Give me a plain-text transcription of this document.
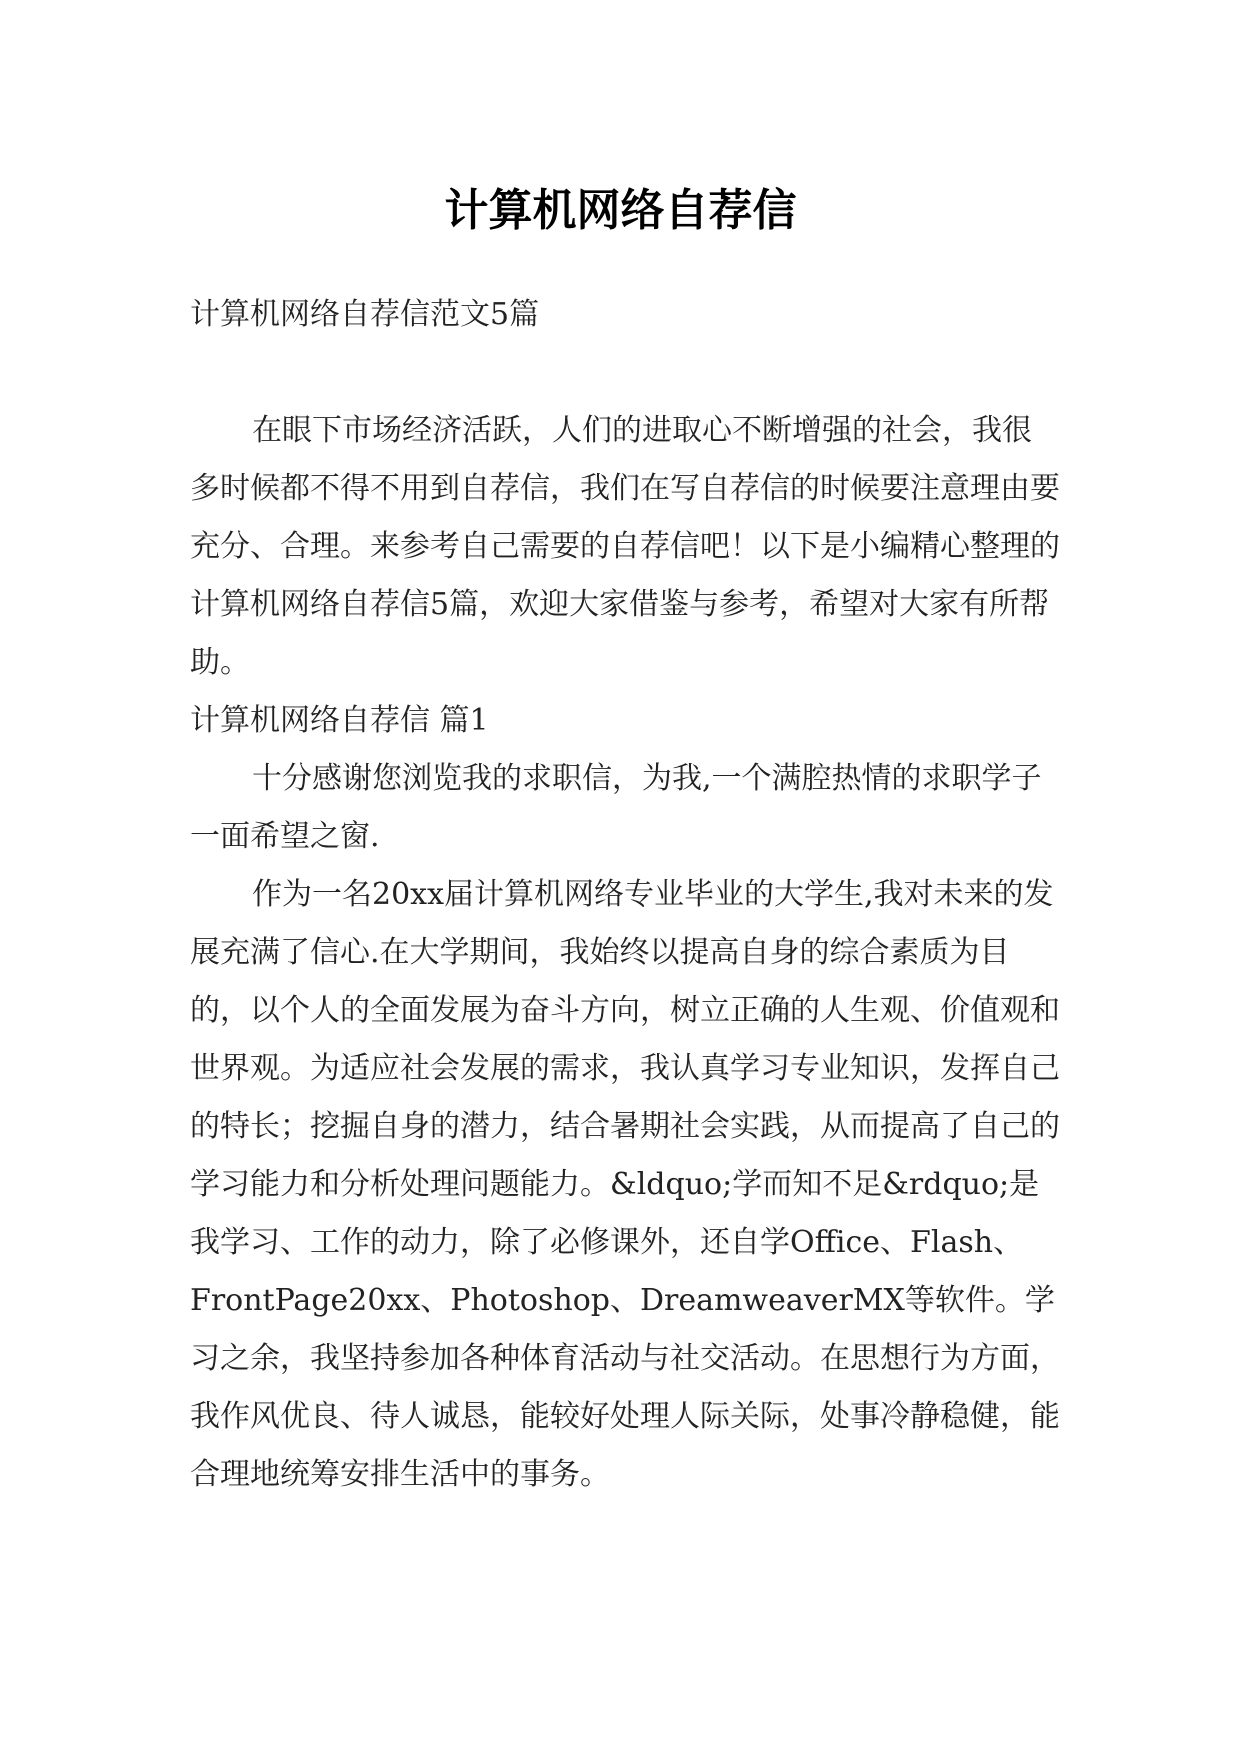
计算机网络自荐信

计算机网络自荐信范文5篇

在眼下市场经济活跃，人们的进取心不断增强的社会，我很多时候都不得不用到自荐信，我们在写自荐信的时候要注意理由要充分、合理。来参考自己需要的自荐信吧！以下是小编精心整理的计算机网络自荐信5篇，欢迎大家借鉴与参考，希望对大家有所帮助。

计算机网络自荐信 篇1

十分感谢您浏览我的求职信，为我,一个满腔热情的求职学子一面希望之窗.

作为一名20xx届计算机网络专业毕业的大学生,我对未来的发展充满了信心.在大学期间，我始终以提高自身的综合素质为目的，以个人的全面发展为奋斗方向，树立正确的人生观、价值观和世界观。为适应社会发展的需求，我认真学习专业知识，发挥自己的特长；挖掘自身的潜力，结合暑期社会实践，从而提高了自己的学习能力和分析处理问题能力。&ldquo;学而知不足&rdquo;是我学习、工作的动力，除了必修课外，还自学Office、Flash、FrontPage20xx、Photoshop、DreamweaverMX等软件。学习之余，我坚持参加各种体育活动与社交活动。在思想行为方面，我作风优良、待人诚恳，能较好处理人际关际，处事冷静稳健，能合理地统筹安排生活中的事务。
